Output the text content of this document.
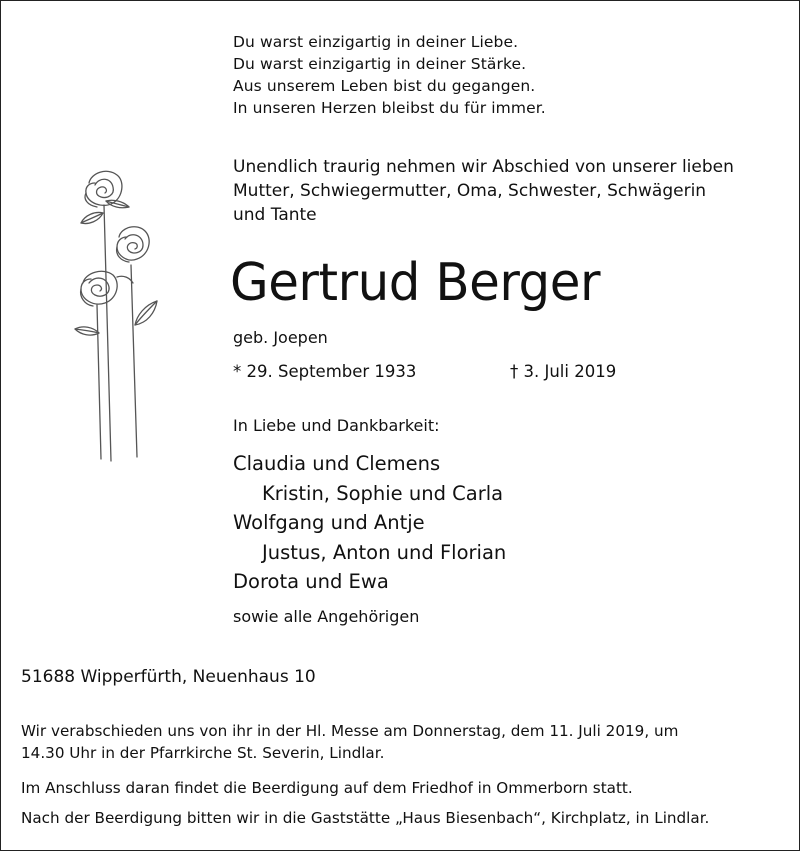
Du warst einzigartig in deiner Liebe.
Du warst einzigartig in deiner Stärke.
Aus unserem Leben bist du gegangen.
In unseren Herzen bleibst du für immer.
Unendlich traurig nehmen wir Abschied von unserer lieben
Mutter, Schwiegermutter, Oma, Schwester, Schwägerin
und Tante
Gertrud Berger
geb. Joepen
* 29. September 1933	† 3. Juli 2019
In Liebe und Dankbarkeit:
Claudia und Clemens
Kristin, Sophie und Carla
Wolfgang und Antje
Justus, Anton und Florian
Dorota und Ewa
sowie alle Angehörigen
51688 Wipperfürth, Neuenhaus 10
Wir verabschieden uns von ihr in der Hl. Messe am Donnerstag, dem 11. Juli 2019, um
14.30 Uhr in der Pfarrkirche St. Severin, Lindlar.
Im Anschluss daran findet die Beerdigung auf dem Friedhof in Ommerborn statt.
Nach der Beerdigung bitten wir in die Gaststätte „Haus Biesenbach“, Kirchplatz, in Lindlar.
